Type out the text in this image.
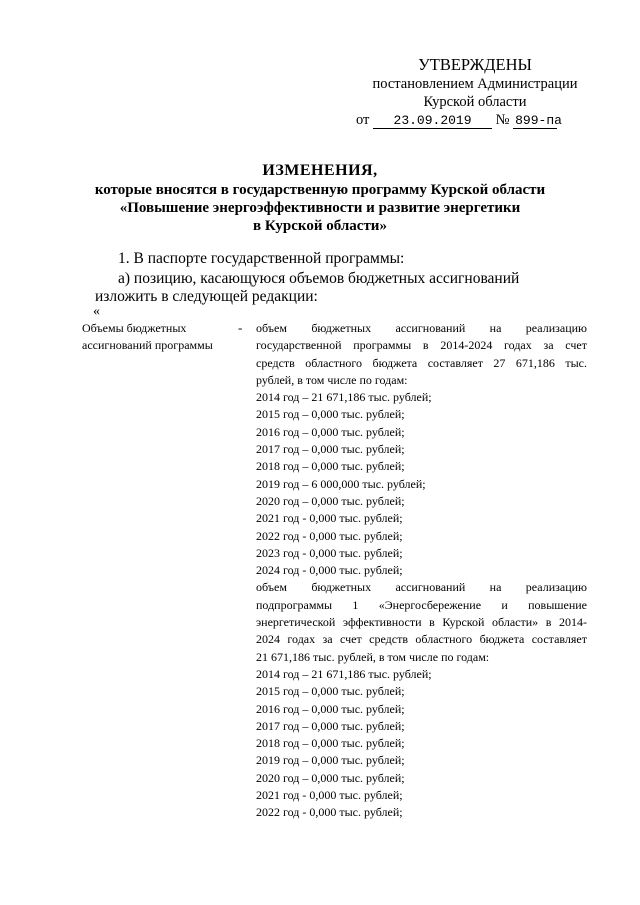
УТВЕРЖДЕНЫ
постановлением Администрации
Курской области
от 23.09.2019 № 899-па
ИЗМЕНЕНИЯ,
которые вносятся в государственную программу Курской области
«Повышение энергоэффективности и развитие энергетики
в Курской области»
1. В паспорте государственной программы:
а) позицию, касающуюся объемов бюджетных ассигнований
изложить в следующей редакции:
«
Объемы бюджетных
ассигнований программы
- объем бюджетных ассигнований на реализацию
государственной программы в 2014-2024 годах за счет
средств областного бюджета составляет 27 671,186 тыс.
рублей, в том числе по годам:
2014 год – 21 671,186 тыс. рублей;
2015 год – 0,000 тыс. рублей;
2016 год – 0,000 тыс. рублей;
2017 год – 0,000 тыс. рублей;
2018 год – 0,000 тыс. рублей;
2019 год – 6 000,000 тыс. рублей;
2020 год – 0,000 тыс. рублей;
2021 год - 0,000 тыс. рублей;
2022 год - 0,000 тыс. рублей;
2023 год - 0,000 тыс. рублей;
2024 год - 0,000 тыс. рублей;
объем бюджетных ассигнований на реализацию
подпрограммы 1 «Энергосбережение и повышение
энергетической эффективности в Курской области» в 2014-
2024 годах за счет средств областного бюджета составляет
21 671,186 тыс. рублей, в том числе по годам:
2014 год – 21 671,186 тыс. рублей;
2015 год – 0,000 тыс. рублей;
2016 год – 0,000 тыс. рублей;
2017 год – 0,000 тыс. рублей;
2018 год – 0,000 тыс. рублей;
2019 год – 0,000 тыс. рублей;
2020 год – 0,000 тыс. рублей;
2021 год - 0,000 тыс. рублей;
2022 год - 0,000 тыс. рублей;
